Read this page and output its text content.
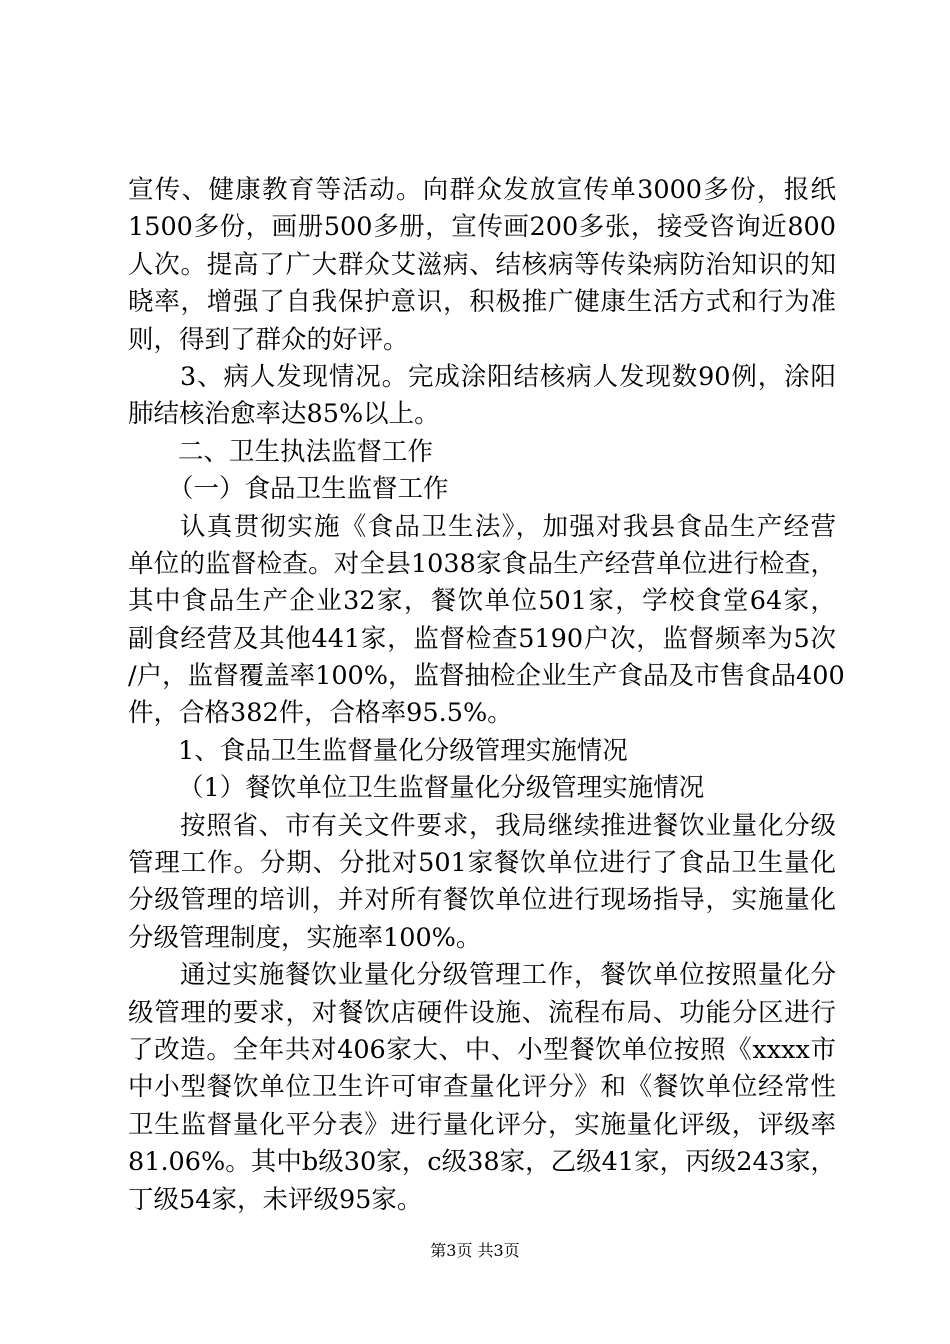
宣传、健康教育等活动。向群众发放宣传单3000多份，报纸
1500多份，画册500多册，宣传画200多张，接受咨询近800
人次。提高了广大群众艾滋病、结核病等传染病防治知识的知
晓率，增强了自我保护意识，积极推广健康生活方式和行为准
则，得到了群众的好评。
3、病人发现情况。完成涂阳结核病人发现数90例，涂阳
肺结核治愈率达85%以上。
二、卫生执法监督工作
（一）食品卫生监督工作
认真贯彻实施《食品卫生法》，加强对我县食品生产经营
单位的监督检查。对全县1038家食品生产经营单位进行检查，
其中食品生产企业32家，餐饮单位501家，学校食堂64家，
副食经营及其他441家，监督检查5190户次，监督频率为5次
/户，监督覆盖率100%，监督抽检企业生产食品及市售食品400
件，合格382件，合格率95.5%。
1、食品卫生监督量化分级管理实施情况
（1）餐饮单位卫生监督量化分级管理实施情况
按照省、市有关文件要求，我局继续推进餐饮业量化分级
管理工作。分期、分批对501家餐饮单位进行了食品卫生量化
分级管理的培训，并对所有餐饮单位进行现场指导，实施量化
分级管理制度，实施率100%。
通过实施餐饮业量化分级管理工作，餐饮单位按照量化分
级管理的要求，对餐饮店硬件设施、流程布局、功能分区进行
了改造。全年共对406家大、中、小型餐饮单位按照《xxxx市
中小型餐饮单位卫生许可审查量化评分》和《餐饮单位经常性
卫生监督量化平分表》进行量化评分，实施量化评级，评级率
81.06%。其中b级30家，c级38家，乙级41家，丙级243家，
丁级54家，未评级95家。
第3页 共3页
